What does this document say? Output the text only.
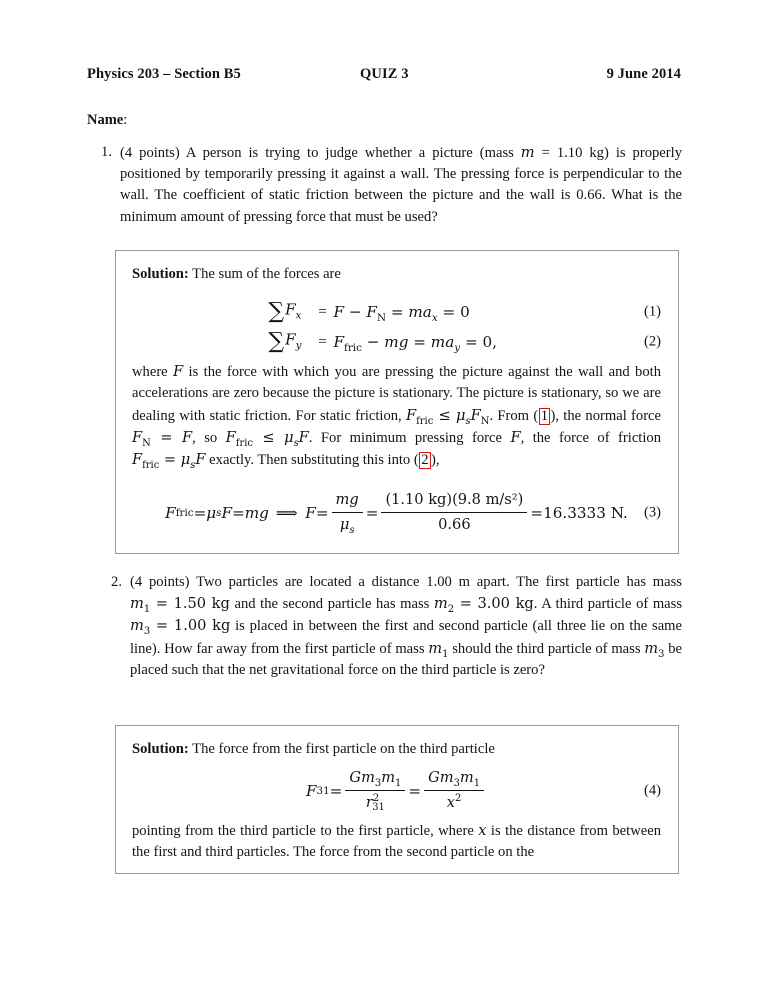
Physics 203 – Section B5	QUIZ 3	9 June 2014
Name:
1. (4 points) A person is trying to judge whether a picture (mass m = 1.10 kg) is properly positioned by temporarily pressing it against a wall. The pressing force is perpendicular to the wall. The coefficient of static friction between the picture and the wall is 0.66. What is the minimum amount of pressing force that must be used?

Solution: The sum of the forces are

$\sum F_x$	= $F - F_N = ma_x = 0$	(1)
$\sum F_y$	= $F_{fric}$ − mg = $ma_y = 0$,	(2)

where F is the force with which you are pressing the picture against the wall and both accelerations are zero because the picture is stationary. The picture is stationary, so we are dealing with static friction. For static friction, $F_{fric} \le \mu_sF_N$. From ( 1 ), the normal force $F_N = F$, so $F_{fric} \le \mu_sF$. For minimum pressing force F, the force of friction $F_{fric} = \mu_sF$ exactly. Then substituting this into ( 2 ),

F fric = μ s F = mg ⟹ $F = \frac{mg}{\mu_s} = \frac{\text{(1.10 kg)(9.8 m/s²)}}{0.66} = 16.3333$ N. (3)
2. (4 points) Two particles are located a distance 1.00 m apart. The first particle has mass $m_1 = 1.50$ kg and the second particle has mass $m_2 = 3.00$ kg. A third particle of mass $m_3 = 1.00$ kg is placed in between the first and second particle (all three lie on the same line). How far away from the first particle of mass $m_1$ should the third particle of mass $m_3$ be placed such that the net gravitational force on the third particle is zero?

Solution: The force from the first particle on the third particle

F $31 = \frac{Gm_3m_1}{r^2_{31}} = \frac{Gm_3m_1}{x^2}$	(4)

pointing from the third particle to the first particle, where x is the distance from between the first and third particles. The force from the second particle on the
